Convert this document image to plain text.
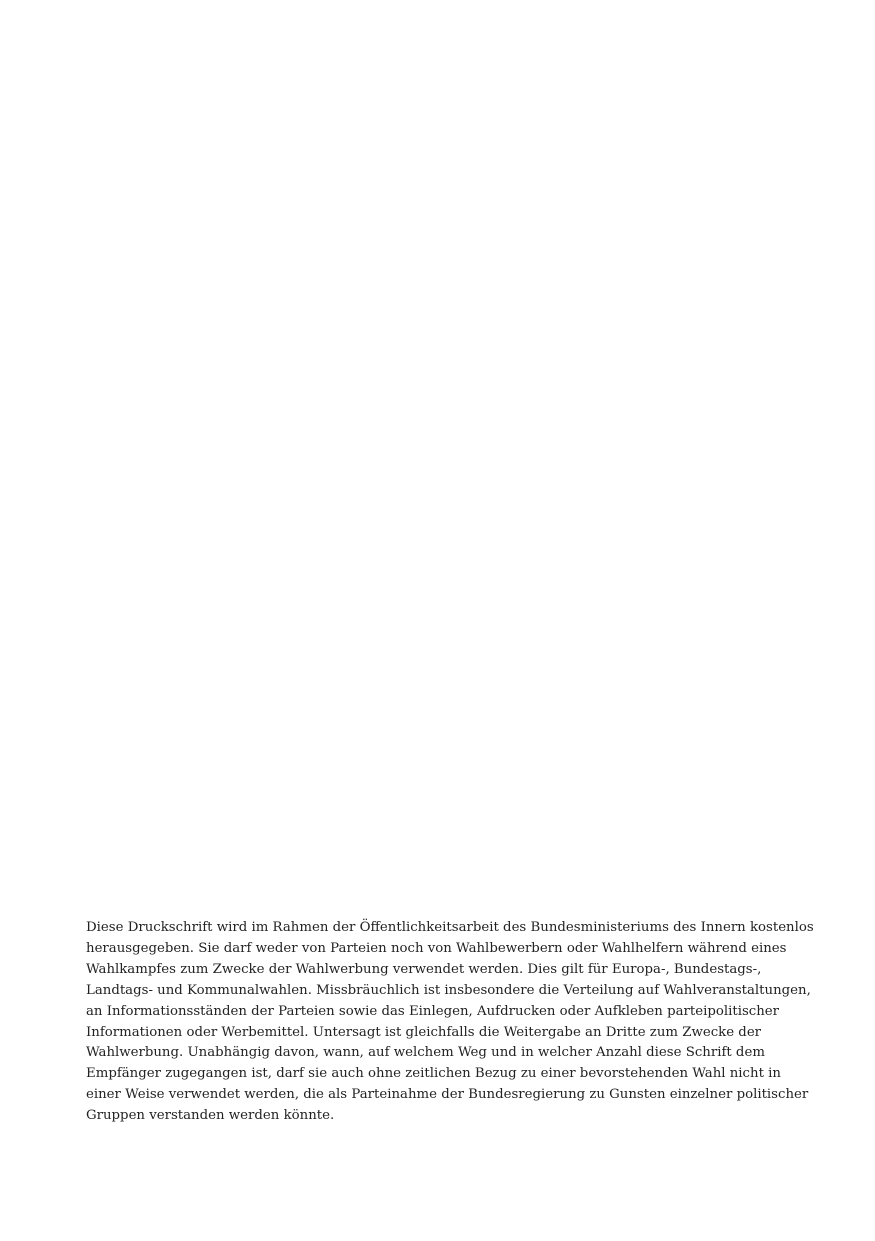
Diese Druckschrift wird im Rahmen der Öffentlichkeitsarbeit des Bundesministeriums des Innern kostenlos
herausgegeben. Sie darf weder von Parteien noch von Wahlbewerbern oder Wahlhelfern während eines
Wahlkampfes zum Zwecke der Wahlwerbung verwendet werden. Dies gilt für Europa-, Bundestags-,
Landtags- und Kommunalwahlen. Missbräuchlich ist insbesondere die Verteilung auf Wahlveranstaltungen,
an Informationsständen der Parteien sowie das Einlegen, Aufdrucken oder Aufkleben parteipolitischer
Informationen oder Werbemittel. Untersagt ist gleichfalls die Weitergabe an Dritte zum Zwecke der
Wahlwerbung. Unabhängig davon, wann, auf welchem Weg und in welcher Anzahl diese Schrift dem
Empfänger zugegangen ist, darf sie auch ohne zeitlichen Bezug zu einer bevorstehenden Wahl nicht in
einer Weise verwendet werden, die als Parteinahme der Bundesregierung zu Gunsten einzelner politischer
Gruppen verstanden werden könnte.
